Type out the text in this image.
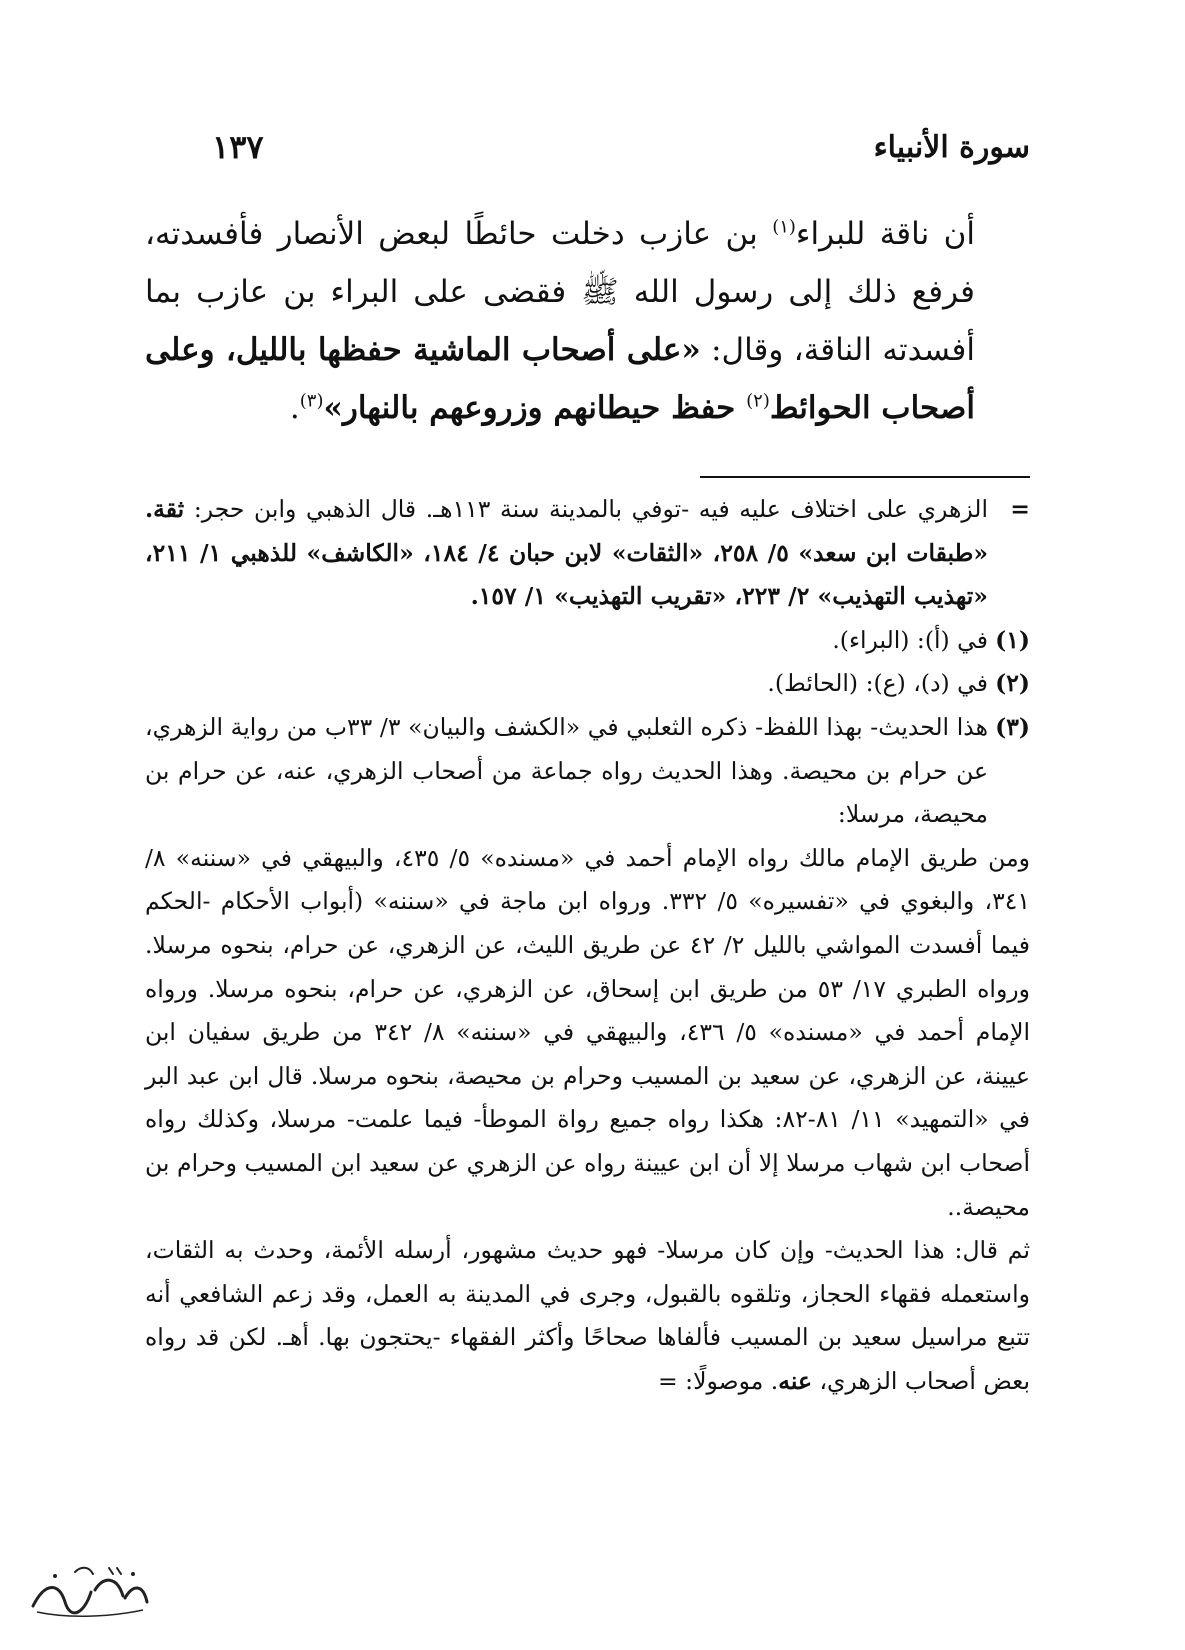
سورة الأنبياء
١٣٧

أن ناقة للبراء$^{(١)}$ بن عازب دخلت حائطًا لبعض الأنصار فأفسدته، فرفع ذلك إلى رسول الله ﷺ فقضى على البراء بن عازب بما أفسدته الناقة، وقال: «على أصحاب الماشية حفظها بالليل، وعلى أصحاب الحوائط$^{(٢)}$ حفظ حيطانهم وزروعهم بالنهار»$^{(٣)}$.

=
الزهري على اختلاف عليه فيه -توفي بالمدينة سنة ١١٣هـ. قال الذهبي وابن حجر: ثقة. «طبقات ابن سعد» ٥/ ٢٥٨، «الثقات» لابن حبان ٤/ ١٨٤، «الكاشف» للذهبي ١/ ٢١١، «تهذيب التهذيب» ٢/ ٢٢٣، «تقريب التهذيب» ١/ ١٥٧.
(١)
في (أ): (البراء).
(٢)
في (د)، (ع): (الحائط).
(٣)
هذا الحديث- بهذا اللفظ- ذكره الثعلبي في «الكشف والبيان» ٣/ ٣٣ب من رواية الزهري، عن حرام بن محيصة. وهذا الحديث رواه جماعة من أصحاب الزهري، عنه، عن حرام بن محيصة، مرسلا:

ومن طريق الإمام مالك رواه الإمام أحمد في «مسنده» ٥/ ٤٣٥، والبيهقي في «سننه» ٨/ ٣٤١، والبغوي في «تفسيره» ٥/ ٣٣٢. ورواه ابن ماجة في «سننه» (أبواب الأحكام -الحكم فيما أفسدت المواشي بالليل ٢/ ٤٢ عن طريق الليث، عن الزهري، عن حرام، بنحوه مرسلا. ورواه الطبري ١٧/ ٥٣ من طريق ابن إسحاق، عن الزهري، عن حرام، بنحوه مرسلا. ورواه الإمام أحمد في «مسنده» ٥/ ٤٣٦، والبيهقي في «سننه» ٨/ ٣٤٢ من طريق سفيان ابن عيينة، عن الزهري، عن سعيد بن المسيب وحرام بن محيصة، بنحوه مرسلا. قال ابن عبد البر في «التمهيد» ١١/ ٨١-٨٢: هكذا رواه جميع رواة الموطأ- فيما علمت- مرسلا، وكذلك رواه أصحاب ابن شهاب مرسلا إلا أن ابن عيينة رواه عن الزهري عن سعيد ابن المسيب وحرام بن محيصة..

ثم قال: هذا الحديث- وإن كان مرسلا- فهو حديث مشهور، أرسله الأئمة، وحدث به الثقات، واستعمله فقهاء الحجاز، وتلقوه بالقبول، وجرى في المدينة به العمل، وقد زعم الشافعي أنه تتبع مراسيل سعيد بن المسيب فألفاها صحاحًا وأكثر الفقهاء -يحتجون بها. أهـ. لكن قد رواه بعض أصحاب الزهري، عنه. موصولًا: =
